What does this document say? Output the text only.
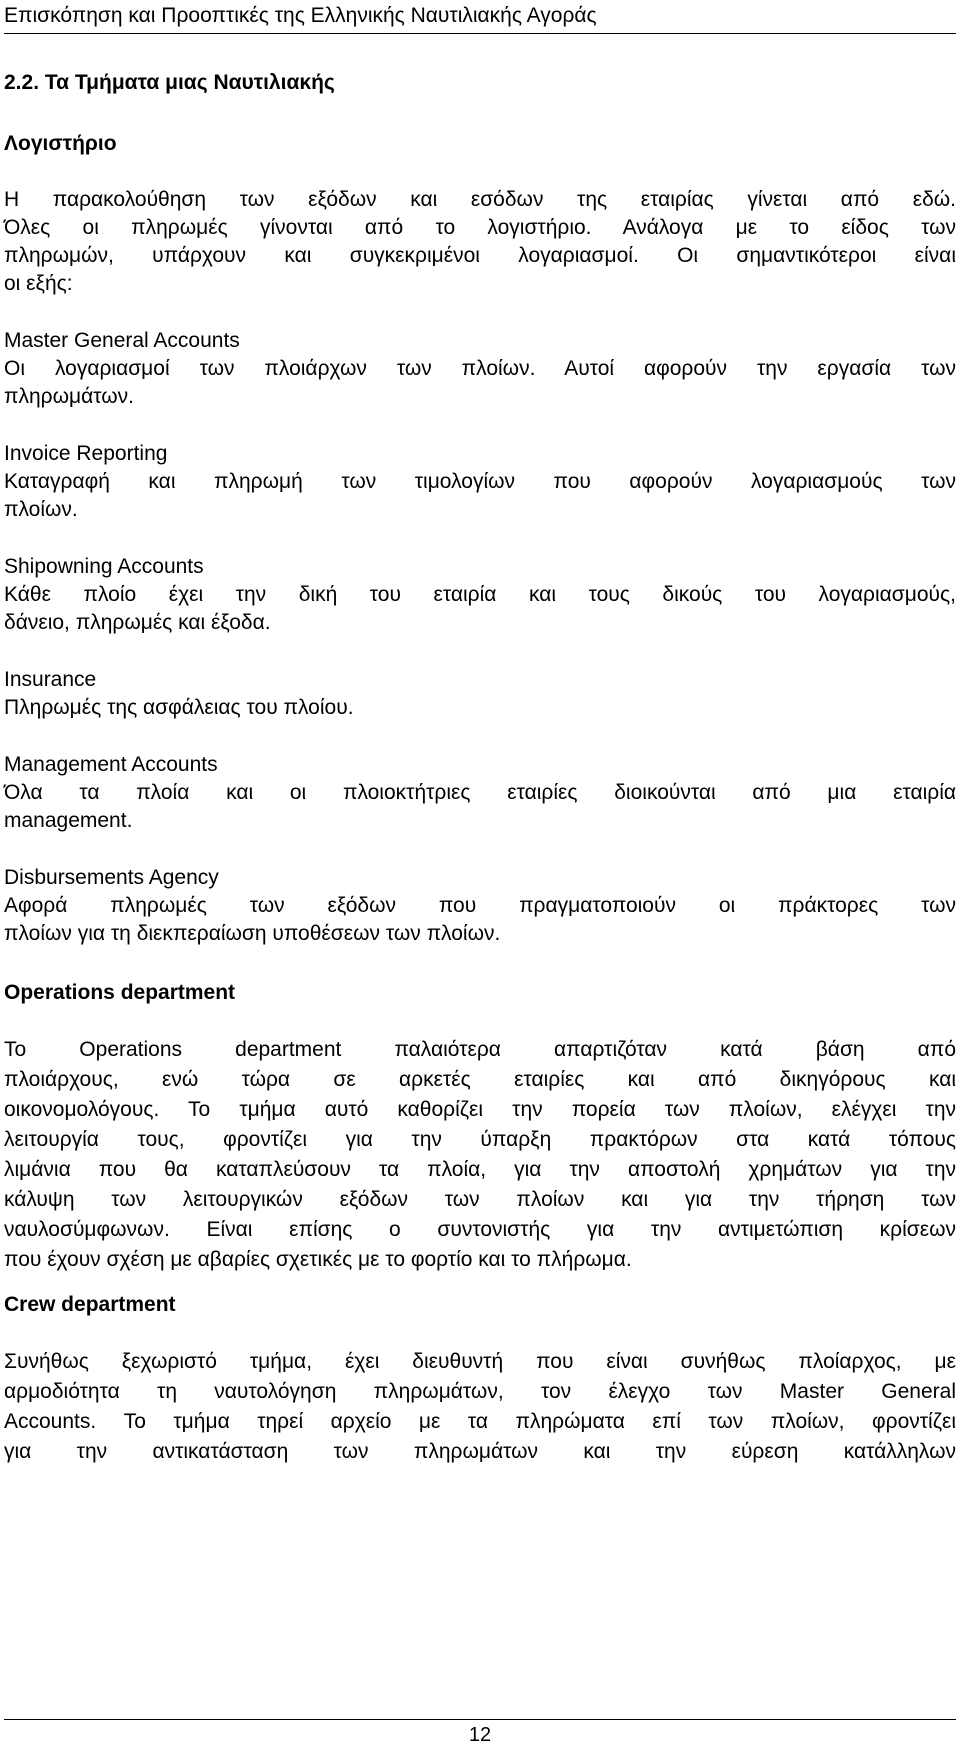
Επισκόπηση και Προοπτικές της Ελληνικής Ναυτιλιακής Αγοράς

2.2. Τα Τμήματα μιας Ναυτιλιακής

Λογιστήριο

Η παρακολούθηση των εξόδων και εσόδων της εταιρίας γίνεται από εδώ.

Όλες οι πληρωμές γίνονται από το λογιστήριο. Ανάλογα με το είδος των

πληρωμών, υπάρχουν και συγκεκριμένοι λογαριασμοί. Οι σημαντικότεροι είναι

οι εξής:

Master General Accounts

Οι λογαριασμοί των πλοιάρχων των πλοίων. Αυτοί αφορούν την εργασία των

πληρωμάτων.

Invoice Reporting

Καταγραφή και πληρωμή των τιμολογίων που αφορούν λογαριασμούς των

πλοίων.

Shipowning Accounts

Κάθε πλοίο έχει την δική του εταιρία και τους δικούς του λογαριασμούς,

δάνειο, πληρωμές και έξοδα.

Insurance

Πληρωμές της ασφάλειας του πλοίου.

Management Accounts

Όλα τα πλοία και οι πλοιοκτήτριες εταιρίες διοικούνται από μια εταιρία

management.

Disbursements Agency

Αφορά πληρωμές των εξόδων που πραγματοποιούν οι πράκτορες των

πλοίων για τη διεκπεραίωση υποθέσεων των πλοίων.

Operations department

Το Operations department παλαιότερα απαρτιζόταν κατά βάση από

πλοιάρχους, ενώ τώρα σε αρκετές εταιρίες και από δικηγόρους και

οικονομολόγους. Το τμήμα αυτό καθορίζει την πορεία των πλοίων, ελέγχει την

λειτουργία τους, φροντίζει για την ύπαρξη πρακτόρων στα κατά τόπους

λιμάνια που θα καταπλεύσουν τα πλοία, για την αποστολή χρημάτων για την

κάλυψη των λειτουργικών εξόδων των πλοίων και για την τήρηση των

ναυλοσύμφωνων. Είναι επίσης ο συντονιστής για την αντιμετώπιση κρίσεων

που έχουν σχέση με αβαρίες σχετικές με το φορτίο και το πλήρωμα.

Crew department

Συνήθως ξεχωριστό τμήμα, έχει διευθυντή που είναι συνήθως πλοίαρχος, με

αρμοδιότητα τη ναυτολόγηση πληρωμάτων, τον έλεγχο των Master General

Accounts. Το τμήμα τηρεί αρχείο με τα πληρώματα επί των πλοίων, φροντίζει

για την αντικατάσταση των πληρωμάτων και την εύρεση κατάλληλων

12
